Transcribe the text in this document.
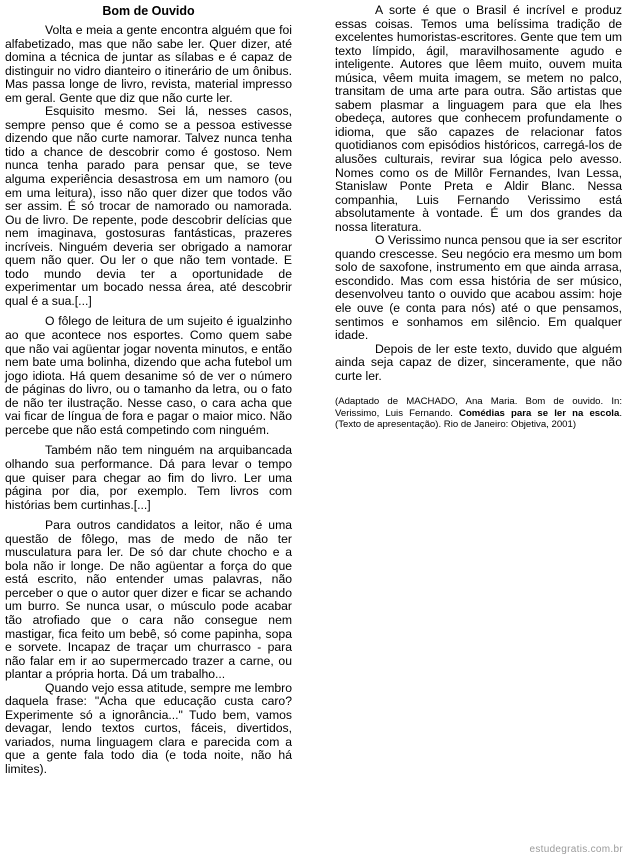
Bom de Ouvido

Volta e meia a gente encontra alguém que foi alfabetizado, mas que não sabe ler. Quer dizer, até domina a técnica de juntar as sílabas e é capaz de distinguir no vidro dianteiro o itinerário de um ônibus. Mas passa longe de livro, revista, material impresso em geral. Gente que diz que não curte ler.

Esquisito mesmo. Sei lá, nesses casos, sempre penso que é como se a pessoa estivesse dizendo que não curte namorar. Talvez nunca tenha tido a chance de descobrir como é gostoso. Nem nunca tenha parado para pensar que, se teve alguma experiência desastrosa em um namoro (ou em uma leitura), isso não quer dizer que todos vão ser assim. É só trocar de namorado ou namorada. Ou de livro. De repente, pode descobrir delícias que nem imaginava, gostosuras fantásticas, prazeres incríveis. Ninguém deveria ser obrigado a namorar quem não quer. Ou ler o que não tem vontade. E todo mundo devia ter a oportunidade de experimentar um bocado nessa área, até descobrir qual é a sua.[...]

O fôlego de leitura de um sujeito é igualzinho ao que acontece nos esportes. Como quem sabe que não vai agüentar jogar noventa minutos, e então nem bate uma bolinha, dizendo que acha futebol um jogo idiota. Há quem desanime só de ver o número de páginas do livro, ou o tamanho da letra, ou o fato de não ter ilustração. Nesse caso, o cara acha que vai ficar de língua de fora e pagar o maior mico. Não percebe que não está competindo com ninguém.

Também não tem ninguém na arquibancada olhando sua performance. Dá para levar o tempo que quiser para chegar ao fim do livro. Ler uma página por dia, por exemplo. Tem livros com histórias bem curtinhas.[...]

Para outros candidatos a leitor, não é uma questão de fôlego, mas de medo de não ter musculatura para ler. De só dar chute chocho e a bola não ir longe. De não agüentar a força do que está escrito, não entender umas palavras, não perceber o que o autor quer dizer e ficar se achando um burro. Se nunca usar, o músculo pode acabar tão atrofiado que o cara não consegue nem mastigar, fica feito um bebê, só come papinha, sopa e sorvete. Incapaz de traçar um churrasco - para não falar em ir ao supermercado trazer a carne, ou plantar a própria horta. Dá um trabalho...

Quando vejo essa atitude, sempre me lembro daquela frase: "Acha que educação custa caro? Experimente só a ignorância..." Tudo bem, vamos devagar, lendo textos curtos, fáceis, divertidos, variados, numa linguagem clara e parecida com a que a gente fala todo dia (e toda noite, não há limites).

A sorte é que o Brasil é incrível e produz essas coisas. Temos uma belíssima tradição de excelentes humoristas-escritores. Gente que tem um texto límpido, ágil, maravilhosamente agudo e inteligente. Autores que lêem muito, ouvem muita música, vêem muita imagem, se metem no palco, transitam de uma arte para outra. São artistas que sabem plasmar a linguagem para que ela lhes obedeça, autores que conhecem profundamente o idioma, que são capazes de relacionar fatos quotidianos com episódios históricos, carregá-los de alusões culturais, revirar sua lógica pelo avesso. Nomes como os de Millôr Fernandes, Ivan Lessa, Stanislaw Ponte Preta e Aldir Blanc. Nessa companhia, Luis Fernando Verissimo está absolutamente à vontade. É um dos grandes da nossa literatura.

O Verissimo nunca pensou que ia ser escritor quando crescesse. Seu negócio era mesmo um bom solo de saxofone, instrumento em que ainda arrasa, escondido. Mas com essa história de ser músico, desenvolveu tanto o ouvido que acabou assim: hoje ele ouve (e conta para nós) até o que pensamos, sentimos e sonhamos em silêncio. Em qualquer idade.

Depois de ler este texto, duvido que alguém ainda seja capaz de dizer, sinceramente, que não curte ler.

(Adaptado de MACHADO, Ana Maria. Bom de ouvido. In: Verissimo, Luis Fernando. Comédias para se ler na escola. (Texto de apresentação). Rio de Janeiro: Objetiva, 2001)

estudegratis.com.br
